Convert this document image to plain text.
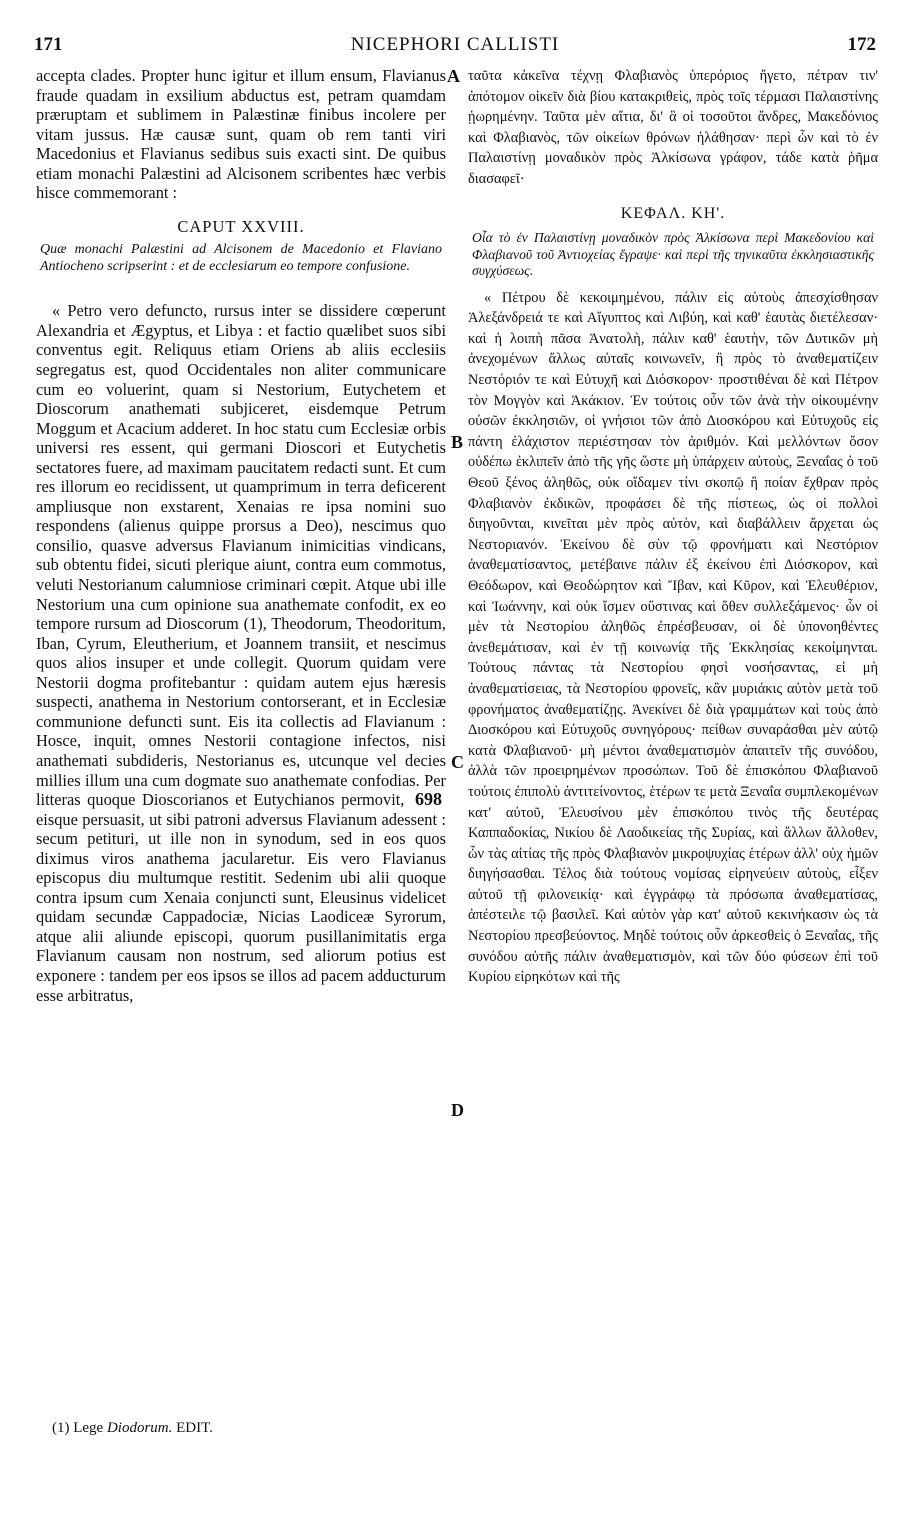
171	NICEPHORI CALLISTI	172
A
B
C
D

accepta clades. Propter hunc igitur et illum ensum, Flavianus fraude quadam in exsilium abductus est, petram quamdam præruptam et sublimem in Palæstinæ finibus incolere per vitam jussus. Hæ causæ sunt, quam ob rem tanti viri Macedonius et Flavianus sedibus suis exacti sint. De quibus etiam monachi Palæstini ad Alcisonem scribentes hæc verbis hisce commemorant :

CAPUT XXVIII.
Quæ monachi Palæstini ad Alcisonem de Macedonio et Flaviano Antiocheno scripserint : et de ecclesiarum eo tempore confusione.

« Petro vero defuncto, rursus inter se dissidere cœperunt Alexandria et Ægyptus, et Libya : et factio quælibet suos sibi conventus egit. Reliquus etiam Oriens ab aliis ecclesiis segregatus est, quod Occidentales non aliter communicare cum eo voluerint, quam si Nestorium, Eutychetem et Dioscorum anathemati subjiceret, eisdemque Petrum Moggum et Acacium adderet. In hoc statu cum Ecclesiæ orbis universi res essent, qui germani Dioscori et Eutychetis sectatores fuere, ad maximam paucitatem redacti sunt. Et cum res illorum eo recidissent, ut quamprimum in terra deficerent ampliusque non exstarent, Xenaias re ipsa nomini suo respondens (alienus quippe prorsus a Deo), nescimus quo consilio, quasve adversus Flavianum inimicitias vindicans, sub obtentu fidei, sicuti plerique aiunt, contra eum commotus, veluti Nestorianum calumniose criminari cœpit. Atque ubi ille Nestorium una cum opinione sua anathemate confodit, ex eo tempore rursum ad Dioscorum (1), Theodorum, Theodoritum, Iban, Cyrum, Eleutherium, et Joannem transiit, et nescimus quos alios insuper et unde collegit. Quorum quidam vere Nestorii dogma profitebantur : quidam autem ejus hæresis suspecti, anathema in Nestorium contorserant, et in Ecclesiæ communione defuncti sunt. Eis ita collectis ad Flavianum : Hosce, inquit, omnes Nestorii contagione infectos, nisi anathemati subdideris, Nestorianus es, utcunque vel decies millies illum una cum dogmate suo anathemate confodias. Per litteras quoque Dioscorianos et Eutychianos permovit, 698 eisque persuasit, ut sibi patroni adversus Flavianum adessent : secum petituri, ut ille non in synodum, sed in eos quos diximus viros anathema jacularetur. Eis vero Flavianus episcopus diu multumque restitit. Sedenim ubi alii quoque contra ipsum cum Xenaia conjuncti sunt, Eleusinus videlicet quidam secundæ Cappadociæ, Nicias Laodiceæ Syrorum, atque alii aliunde episcopi, quorum pusillanimitatis erga Flavianum causam non nostrum, sed aliorum potius est exponere : tandem per eos ipsos se illos ad pacem adducturum esse arbitratus,

(1) Lege Diodorum. EDIT.

ταῦτα κἀκεῖνα τέχνῃ Φλαβιανὸς ὑπερόριος ἤγετο, πέτραν τιν' ἀπότομον οἰκεῖν διὰ βίου κατακριθεὶς, πρὸς τοῖς τέρμασι Παλαιστίνης ᾑωρημένην. Ταῦτα μὲν αἴτια, δι' ἃ οἱ τοσοῦτοι ἄνδρες, Μακεδόνιος καὶ Φλαβιανὸς, τῶν οἰκείων θρόνων ἠλάθησαν· περὶ ὧν καὶ τὸ ἐν Παλαιστίνῃ μοναδικὸν πρὸς Ἀλκίσωνα γράφον, τάδε κατὰ ῥῆμα διασαφεῖ·

ΚΕΦΑΛ. ΚΗ'.
Οἷα τὸ ἐν Παλαιστίνῃ μοναδικὸν πρὸς Ἀλκίσωνα περὶ Μακεδονίου καὶ Φλαβιανοῦ τοῦ Ἀντιοχείας ἔγραψε· καὶ περὶ τῆς τηνικαῦτα ἐκκλησιαστικῆς συγχύσεως.

« Πέτρου δὲ κεκοιμημένου, πάλιν εἰς αὑτοὺς ἀπεσχίσθησαν Ἀλεξάνδρειά τε καὶ Αἴγυπτος καὶ Λιβύη, καὶ καθ' ἑαυτὰς διετέλεσαν· καὶ ἡ λοιπὴ πᾶσα Ἀνατολὴ, πάλιν καθ' ἑαυτὴν, τῶν Δυτικῶν μὴ ἀνεχομένων ἄλλως αὐταῖς κοινωνεῖν, ἢ πρὸς τὸ ἀναθεματίζειν Νεστόριόν τε καὶ Εὐτυχῆ καὶ Διόσκορον· προστιθέναι δὲ καὶ Πέτρον τὸν Μογγὸν καὶ Ἀκάκιον. Ἐν τούτοις οὖν τῶν ἀνὰ τὴν οἰκουμένην οὐσῶν ἐκκλησιῶν, οἱ γνήσιοι τῶν ἀπὸ Διοσκόρου καὶ Εὐτυχοῦς εἰς πάντη ἐλάχιστον περιέστησαν τὸν ἀριθμόν. Καὶ μελλόντων ὅσον οὐδέπω ἐκλιπεῖν ἀπὸ τῆς γῆς ὥστε μὴ ὑπάρχειν αὐτοὺς, Ξεναΐας ὁ τοῦ Θεοῦ ξένος ἀληθῶς, οὐκ οἴδαμεν τίνι σκοπῷ ἢ ποίαν ἔχθραν πρὸς Φλαβιανὸν ἐκδικῶν, προφάσει δὲ τῆς πίστεως, ὡς οἱ πολλοὶ διηγοῦνται, κινεῖται μὲν πρὸς αὐτὸν, καὶ διαβάλλειν ἄρχεται ὡς Νεστοριανόν. Ἐκείνου δὲ σὺν τῷ φρονήματι καὶ Νεστόριον ἀναθεματίσαντος, μετέβαινε πάλιν ἐξ ἐκείνου ἐπὶ Διόσκορον, καὶ Θεόδωρον, καὶ Θεοδώρητον καὶ Ἴβαν, καὶ Κῦρον, καὶ Ἐλευθέριον, καὶ Ἰωάννην, καὶ οὐκ ἴσμεν οὕστινας καὶ ὅθεν συλλεξάμενος· ὧν οἱ μὲν τὰ Νεστορίου ἀληθῶς ἐπρέσβευσαν, οἱ δὲ ὑπονοηθέντες ἀνεθεμάτισαν, καὶ ἐν τῇ κοινωνίᾳ τῆς Ἐκκλησίας κεκοίμηνται. Τούτους πάντας τὰ Νεστορίου φησὶ νοσήσαντας, εἰ μὴ ἀναθεματίσειας, τὰ Νεστορίου φρονεῖς, κἂν μυριάκις αὐτὸν μετὰ τοῦ φρονήματος ἀναθεματίζῃς. Ἀνεκίνει δὲ διὰ γραμμάτων καὶ τοὺς ἀπὸ Διοσκόρου καὶ Εὐτυχοῦς συνηγόρους· πείθων συναράσθαι μὲν αὐτῷ κατὰ Φλαβιανοῦ· μὴ μέντοι ἀναθεματισμὸν ἀπαιτεῖν τῆς συνόδου, ἀλλὰ τῶν προειρημένων προσώπων. Τοῦ δὲ ἐπισκόπου Φλαβιανοῦ τούτοις ἐπιπολὺ ἀντιτείνοντος, ἑτέρων τε μετὰ Ξεναΐα συμπλεκομένων κατ' αὐτοῦ, Ἐλευσίνου μὲν ἐπισκόπου τινὸς τῆς δευτέρας Καππαδοκίας, Νικίου δὲ Λαοδικείας τῆς Συρίας, καὶ ἄλλων ἄλλοθεν, ὧν τὰς αἰτίας τῆς πρὸς Φλαβιανὸν μικροψυχίας ἑτέρων ἀλλ' οὐχ ἡμῶν διηγήσασθαι. Τέλος διὰ τούτους νομίσας εἰρηνεύειν αὐτοὺς, εἶξεν αὐτοῦ τῇ φιλονεικίᾳ· καὶ ἐγγράφῳ τὰ πρόσωπα ἀναθεματίσας, ἀπέστειλε τῷ βασιλεῖ. Καὶ αὐτὸν γὰρ κατ' αὐτοῦ κεκινήκασιν ὡς τὰ Νεστορίου πρεσβεύοντος. Μηδὲ τούτοις οὖν ἀρκεσθεὶς ὁ Ξεναΐας, τῆς συνόδου αὐτῆς πάλιν ἀναθεματισμὸν, καὶ τῶν δύο φύσεων ἐπὶ τοῦ Κυρίου εἰρηκότων καὶ τῆς
